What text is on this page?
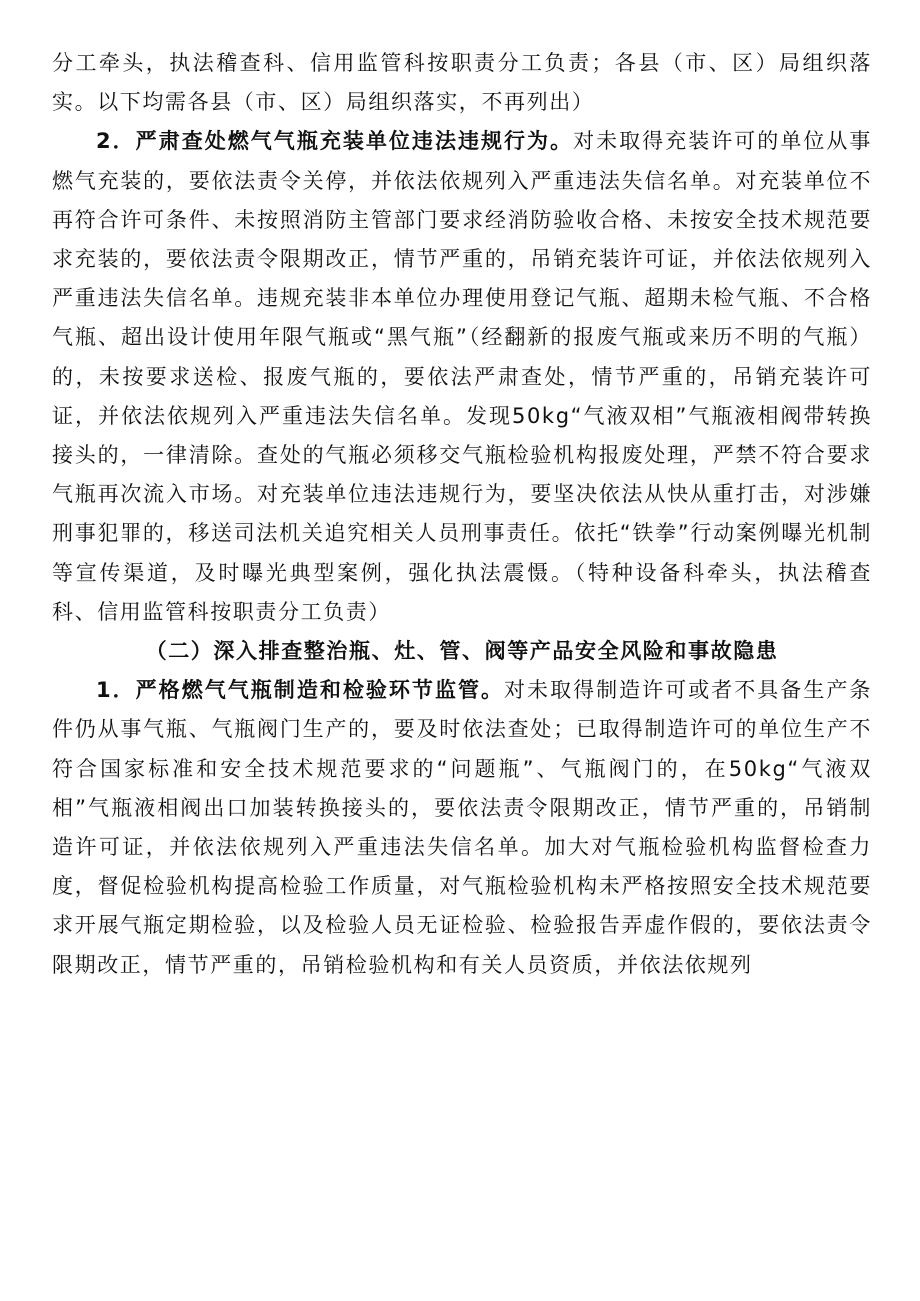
分工牵头，执法稽查科、信用监管科按职责分工负责；各县（市、区）局组织落实。以下均需各县（市、区）局组织落实，不再列出）

2．严肃查处燃气气瓶充装单位违法违规行为。对未取得充装许可的单位从事燃气充装的，要依法责令关停，并依法依规列入严重违法失信名单。对充装单位不再符合许可条件、未按照消防主管部门要求经消防验收合格、未按安全技术规范要求充装的，要依法责令限期改正，情节严重的，吊销充装许可证，并依法依规列入严重违法失信名单。违规充装非本单位办理使用登记气瓶、超期未检气瓶、不合格气瓶、超出设计使用年限气瓶或“黑气瓶”（经翻新的报废气瓶或来历不明的气瓶）的，未按要求送检、报废气瓶的，要依法严肃查处，情节严重的，吊销充装许可证，并依法依规列入严重违法失信名单。发现50kg“气液双相”气瓶液相阀带转换接头的，一律清除。查处的气瓶必须移交气瓶检验机构报废处理，严禁不符合要求气瓶再次流入市场。对充装单位违法违规行为，要坚决依法从快从重打击，对涉嫌刑事犯罪的，移送司法机关追究相关人员刑事责任。依托“铁拳”行动案例曝光机制等宣传渠道，及时曝光典型案例，强化执法震慑。（特种设备科牵头，执法稽查科、信用监管科按职责分工负责）

（二）深入排查整治瓶、灶、管、阀等产品安全风险和事故隐患

1．严格燃气气瓶制造和检验环节监管。对未取得制造许可或者不具备生产条件仍从事气瓶、气瓶阀门生产的，要及时依法查处；已取得制造许可的单位生产不符合国家标准和安全技术规范要求的“问题瓶”、气瓶阀门的，在50kg“气液双相”气瓶液相阀出口加装转换接头的，要依法责令限期改正，情节严重的，吊销制造许可证，并依法依规列入严重违法失信名单。加大对气瓶检验机构监督检查力度，督促检验机构提高检验工作质量，对气瓶检验机构未严格按照安全技术规范要求开展气瓶定期检验，以及检验人员无证检验、检验报告弄虚作假的，要依法责令限期改正，情节严重的，吊销检验机构和有关人员资质，并依法依规列
